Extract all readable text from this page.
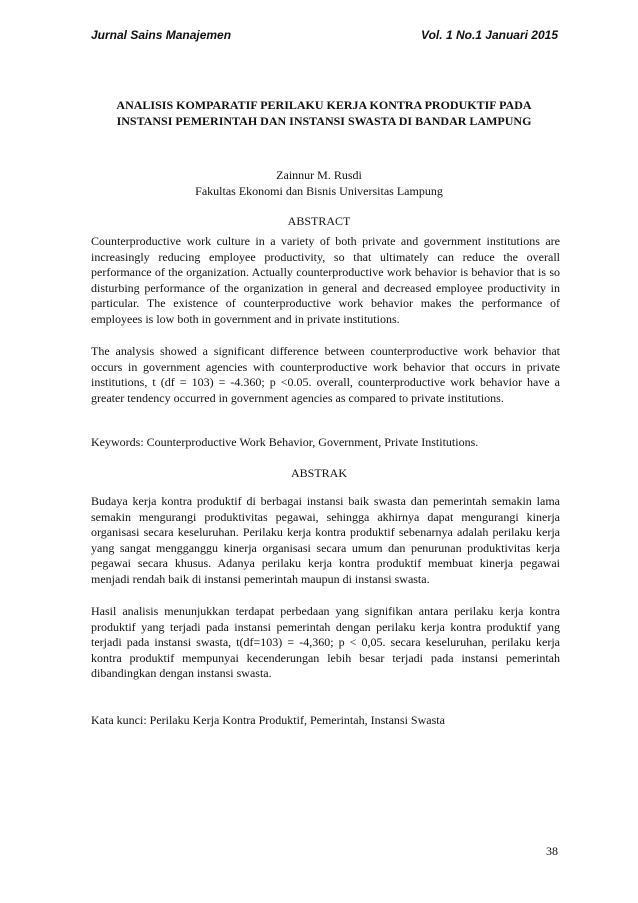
Jurnal Sains Manajemen	Vol. 1 No.1 Januari 2015
ANALISIS KOMPARATIF PERILAKU KERJA KONTRA PRODUKTIF PADA INSTANSI PEMERINTAH DAN INSTANSI SWASTA DI BANDAR LAMPUNG

Zainnur M. Rusdi

Fakultas Ekonomi dan Bisnis Universitas Lampung

ABSTRACT

Counterproductive work culture in a variety of both private and government institutions are increasingly reducing employee productivity, so that ultimately can reduce the overall performance of the organization. Actually counterproductive work behavior is behavior that is so disturbing performance of the organization in general and decreased employee productivity in particular. The existence of counterproductive work behavior makes the performance of employees is low both in government and in private institutions.

The analysis showed a significant difference between counterproductive work behavior that occurs in government agencies with counterproductive work behavior that occurs in private institutions, t (df = 103) = -4.360; p <0.05. overall, counterproductive work behavior have a greater tendency occurred in government agencies as compared to private institutions.

Keywords: Counterproductive Work Behavior, Government, Private Institutions.

ABSTRAK

Budaya kerja kontra produktif di berbagai instansi baik swasta dan pemerintah semakin lama semakin mengurangi produktivitas pegawai, sehingga akhirnya dapat mengurangi kinerja organisasi secara keseluruhan. Perilaku kerja kontra produktif sebenarnya adalah perilaku kerja yang sangat mengganggu kinerja organisasi secara umum dan penurunan produktivitas kerja pegawai secara khusus. Adanya perilaku kerja kontra produktif membuat kinerja pegawai menjadi rendah baik di instansi pemerintah maupun di instansi swasta.

Hasil analisis menunjukkan terdapat perbedaan yang signifikan antara perilaku kerja kontra produktif yang terjadi pada instansi pemerintah dengan perilaku kerja kontra produktif yang terjadi pada instansi swasta, t(df=103) = -4,360; p < 0,05. secara keseluruhan, perilaku kerja kontra produktif mempunyai kecenderungan lebih besar terjadi pada instansi pemerintah dibandingkan dengan instansi swasta.

Kata kunci: Perilaku Kerja Kontra Produktif, Pemerintah, Instansi Swasta

38
